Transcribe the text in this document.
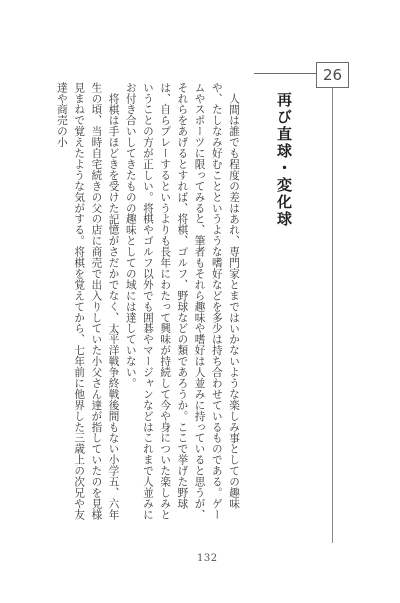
26
再び直球・変化球

人間は誰でも程度の差はあれ、専門家とまではいかないような楽しみ事としての趣味や、たしなみ好むことというような嗜好などを多少は持ち合わせているものである。ゲームやスポーツに限ってみると、筆者もそれら趣味や嗜好は人並みに持っていると思うが、それらをあげるとすれば、将棋、ゴルフ、野球などの類であろうか。ここで挙げた野球は、自らプレーするというよりも長年にわたって興味が持続して今や身についた楽しみということの方が正しい。将棋やゴルフ以外でも囲碁やマージャンなどはこれまで人並みにお付き合いしてきたものの趣味としての域には達していない。

将棋は手ほどきを受けた記憶がさだかでなく、太平洋戦争終戦後間もない小学五、六年生の頃、当時自宅続きの父の店に商売で出入りしていた小父さん達が指していたのを見様見まねで覚えたような気がする。将棋を覚えてから、七年前に他界した三歳上の次兄や友達や商売の小

132
